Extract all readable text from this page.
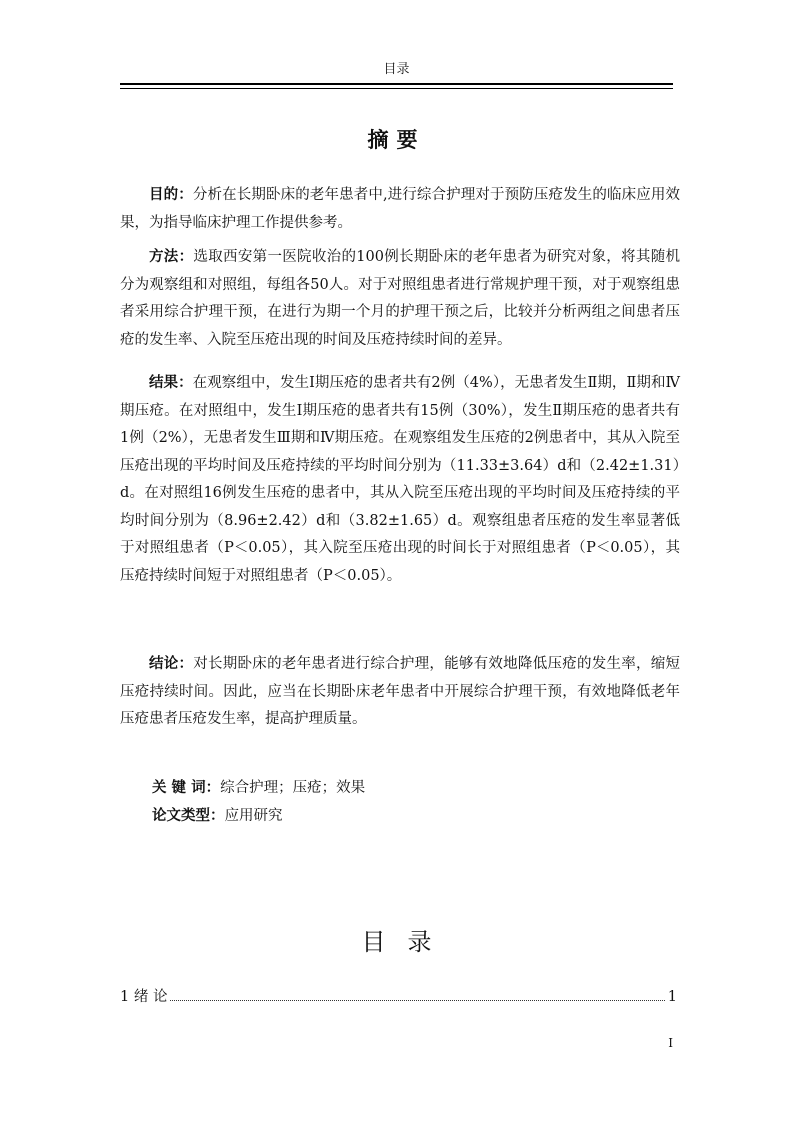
目录
摘要

目的：分析在长期卧床的老年患者中,进行综合护理对于预防压疮发生的临床应用效果，为指导临床护理工作提供参考。

方法：选取西安第一医院收治的100例长期卧床的老年患者为研究对象，将其随机分为观察组和对照组，每组各50人。对于对照组患者进行常规护理干预，对于观察组患者采用综合护理干预，在进行为期一个月的护理干预之后，比较并分析两组之间患者压疮的发生率、入院至压疮出现的时间及压疮持续时间的差异。

结果：在观察组中，发生Ⅰ期压疮的患者共有2例（4%），无患者发生Ⅱ期，Ⅱ期和Ⅳ期压疮。在对照组中，发生Ⅰ期压疮的患者共有15例（30%），发生Ⅱ期压疮的患者共有1例（2%），无患者发生Ⅲ期和Ⅳ期压疮。在观察组发生压疮的2例患者中，其从入院至压疮出现的平均时间及压疮持续的平均时间分别为（11.33±3.64）d和（2.42±1.31）d。在对照组16例发生压疮的患者中，其从入院至压疮出现的平均时间及压疮持续的平均时间分别为（8.96±2.42）d和（3.82±1.65）d。观察组患者压疮的发生率显著低于对照组患者（P＜0.05），其入院至压疮出现的时间长于对照组患者（P＜0.05），其压疮持续时间短于对照组患者（P＜0.05）。

结论：对长期卧床的老年患者进行综合护理，能够有效地降低压疮的发生率，缩短压疮持续时间。因此，应当在长期卧床老年患者中开展综合护理干预，有效地降低老年压疮患者压疮发生率，提高护理质量。

关 键 词：综合护理；压疮；效果
论文类型：应用研究
目录
1 绪 论	1
I
